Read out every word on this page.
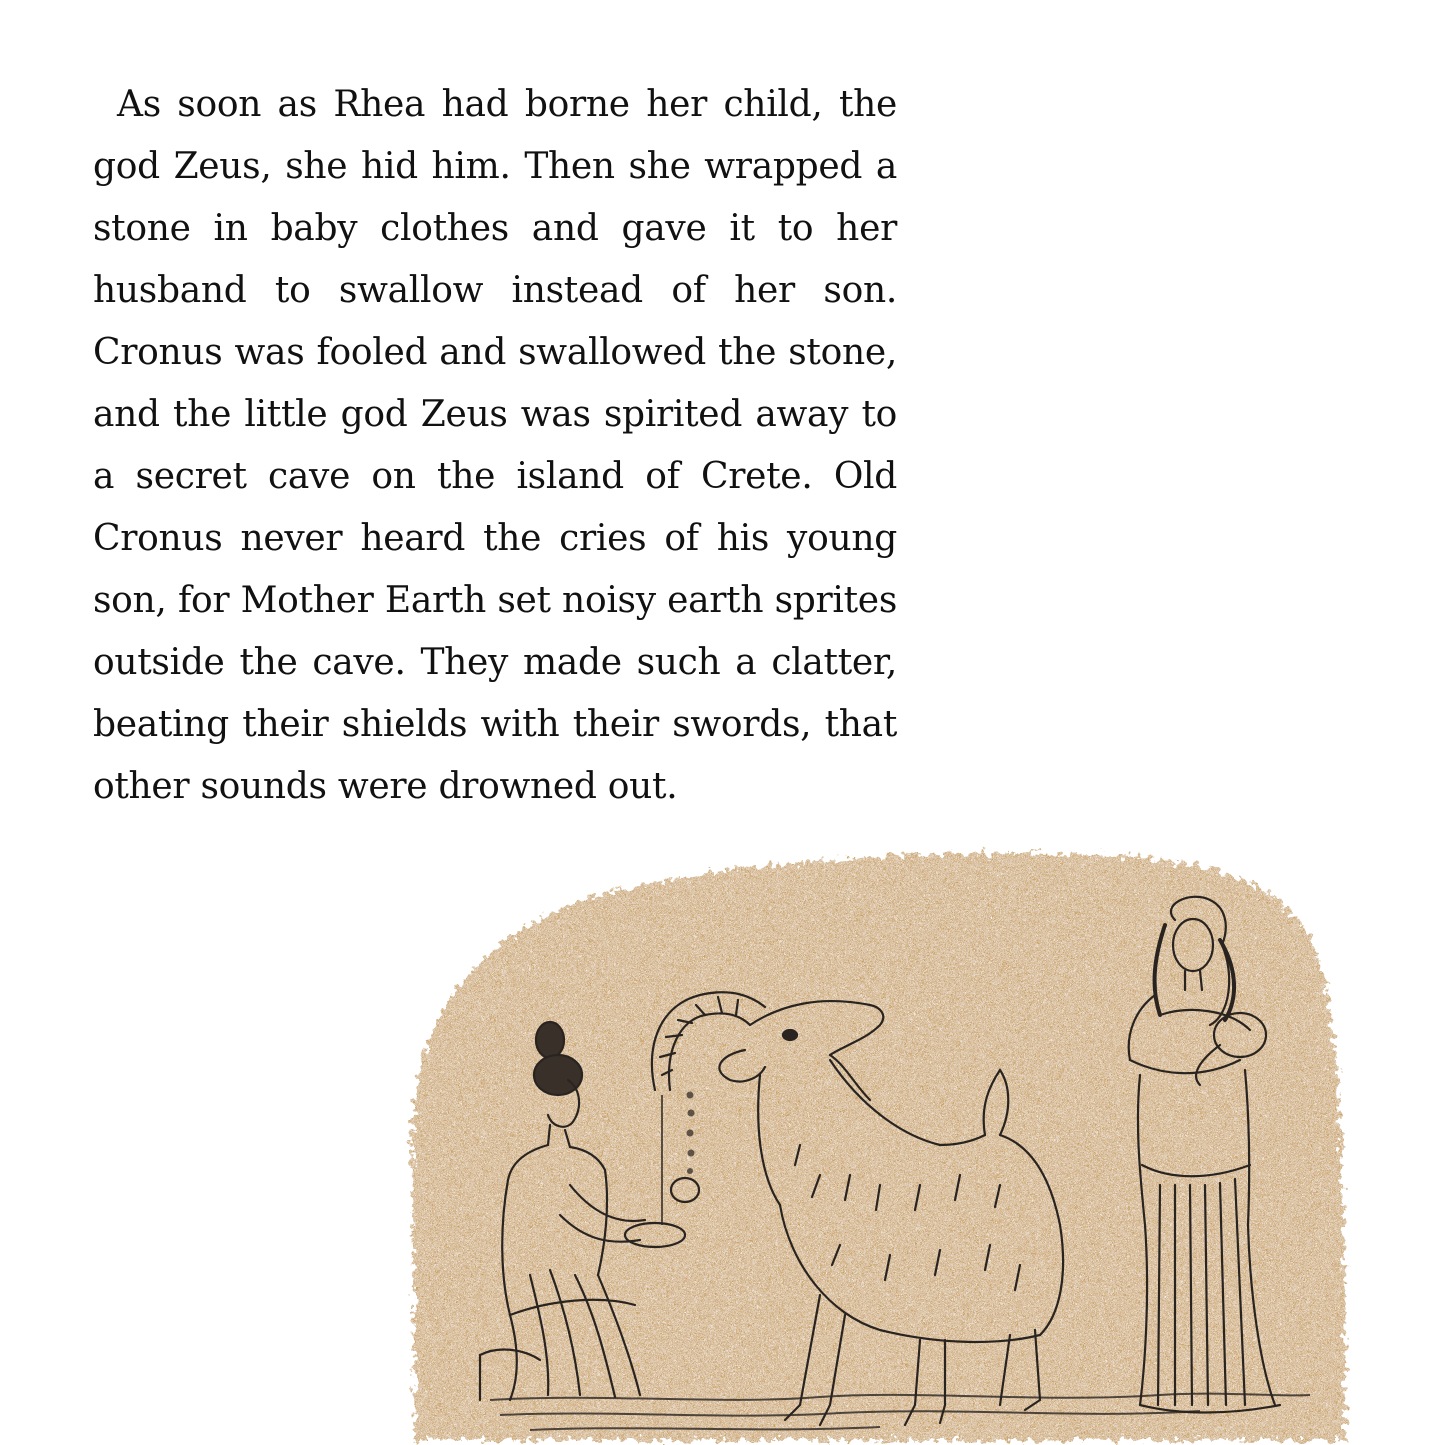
As soon as Rhea had borne her child, the god Zeus, she hid him. Then she wrapped a stone in baby clothes and gave it to her husband to swallow instead of her son. Cronus was fooled and swallowed the stone, and the little god Zeus was spirited away to a secret cave on the island of Crete. Old Cronus never heard the cries of his young son, for Mother Earth set noisy earth sprites outside the cave. They made such a clatter, beating their shields with their swords, that other sounds were drowned out.
